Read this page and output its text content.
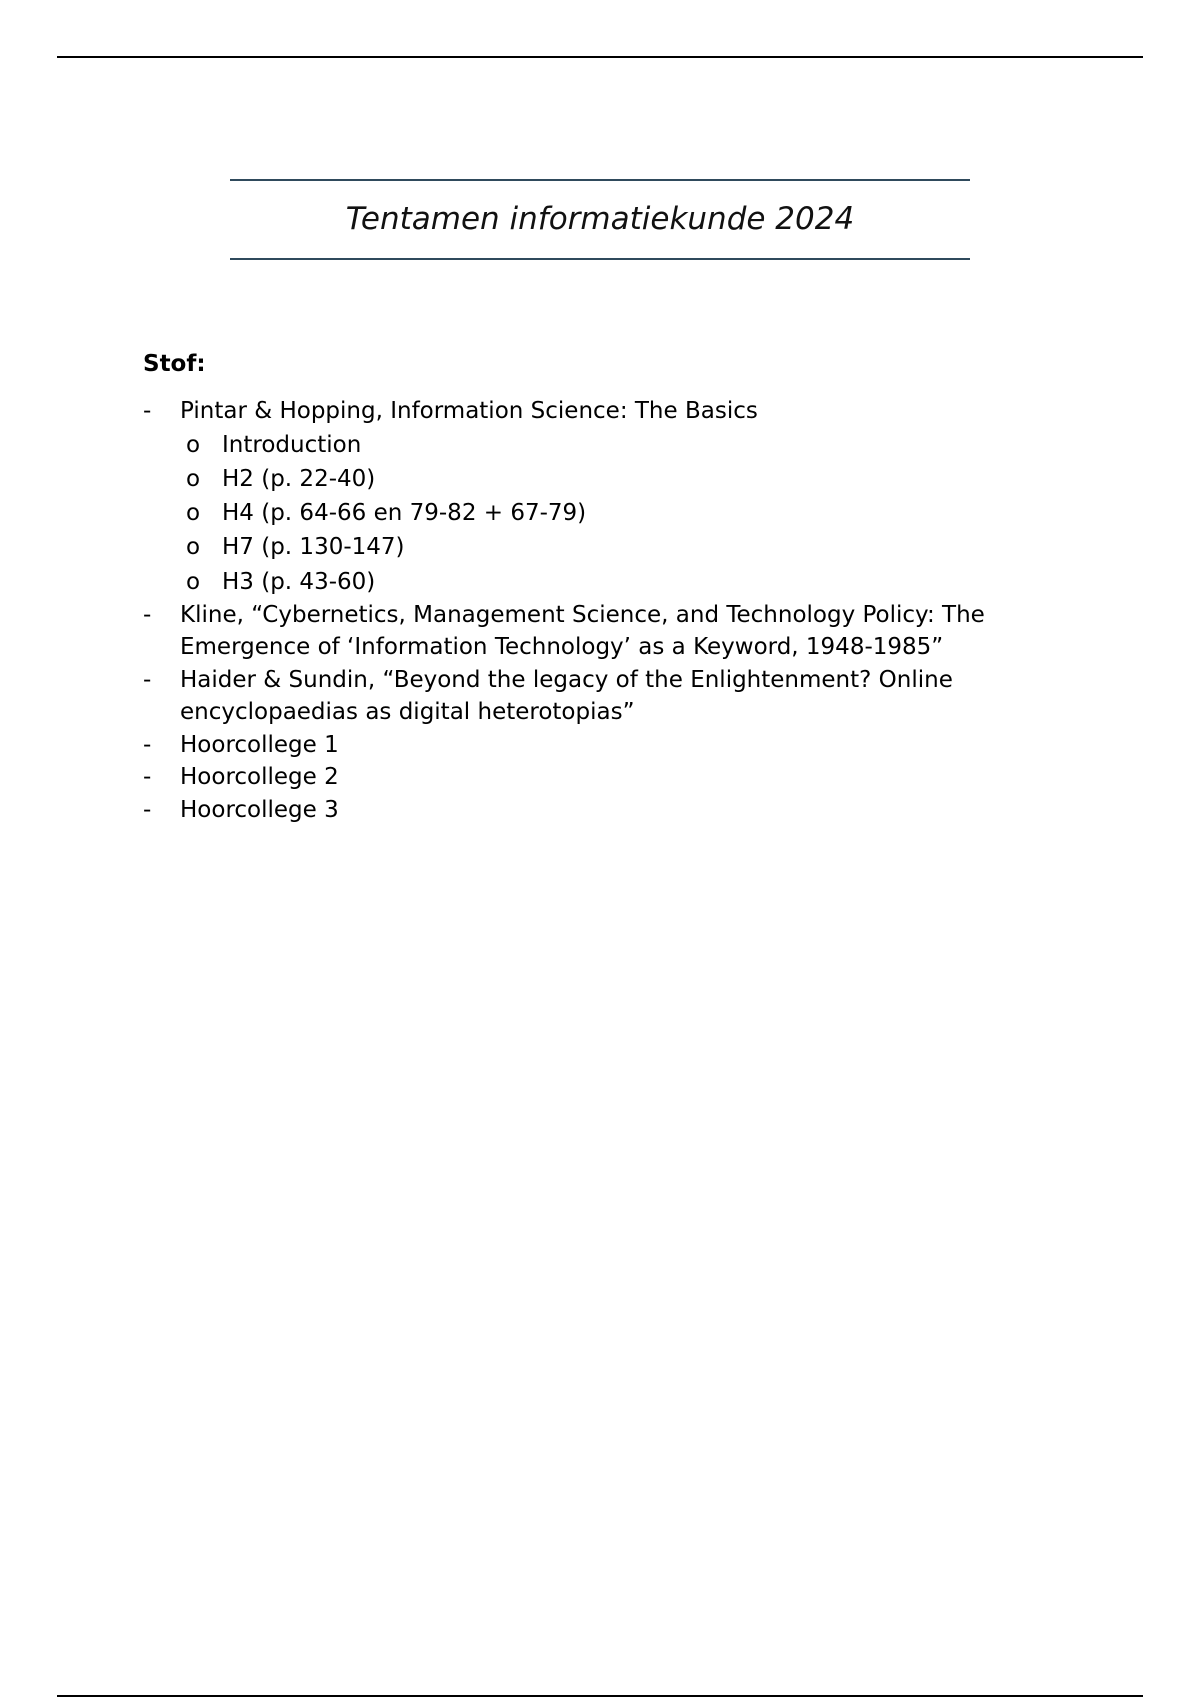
Tentamen informatiekunde 2024
Stof:
- Pintar & Hopping, Information Science: The Basics
o Introduction
o H2 (p. 22-40)
o H4 (p. 64-66 en 79-82 + 67-79)
o H7 (p. 130-147)
o H3 (p. 43-60)
- Kline, “Cybernetics, Management Science, and Technology Policy: The Emergence of ‘Information Technology’ as a Keyword, 1948-1985”
- Haider & Sundin, “Beyond the legacy of the Enlightenment? Online encyclopaedias as digital heterotopias”
- Hoorcollege 1
- Hoorcollege 2
- Hoorcollege 3
